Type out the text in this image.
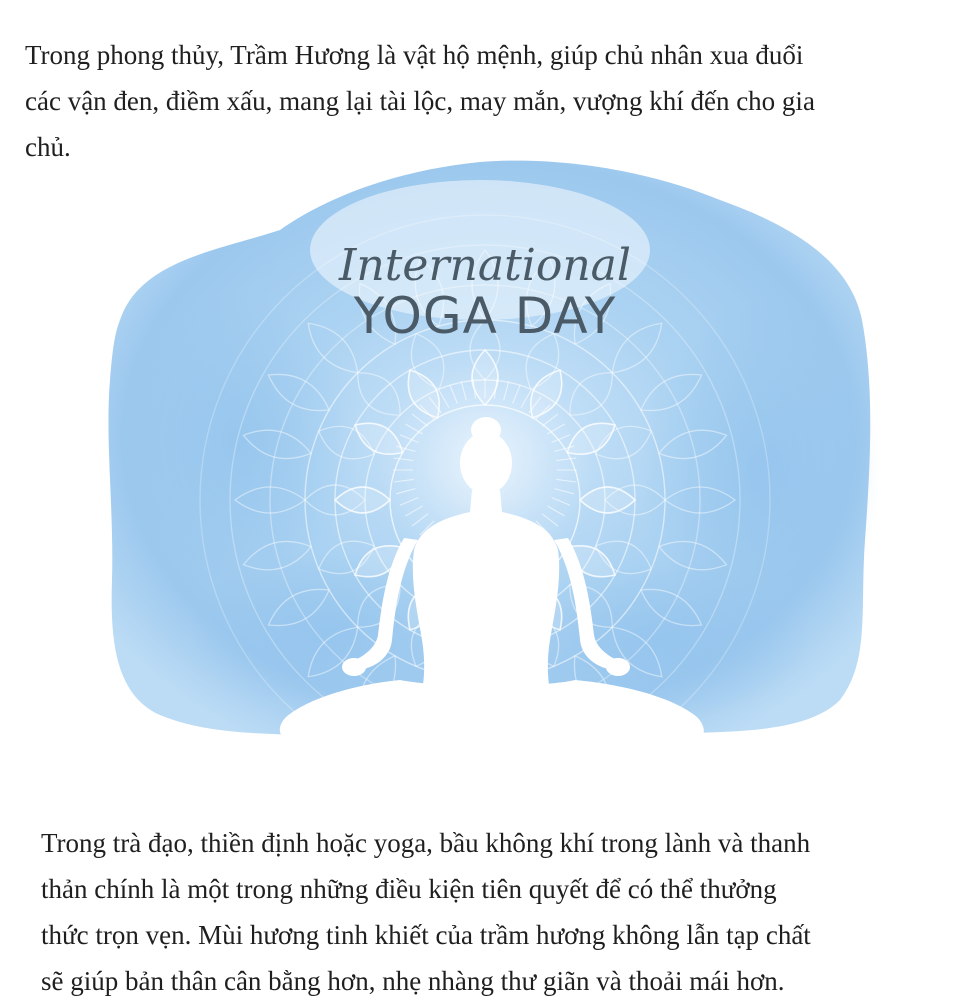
Trong phong thủy, Trầm Hương là vật hộ mệnh, giúp chủ nhân xua đuổi
các vận đen, điềm xấu, mang lại tài lộc, may mắn, vượng khí đến cho gia
chủ.

International
YOGA DAY

Trong trà đạo, thiền định hoặc yoga, bầu không khí trong lành và thanh
thản chính là một trong những điều kiện tiên quyết để có thể thưởng
thức trọn vẹn. Mùi hương tinh khiết của trầm hương không lẫn tạp chất
sẽ giúp bản thân cân bằng hơn, nhẹ nhàng thư giãn và thoải mái hơn.
